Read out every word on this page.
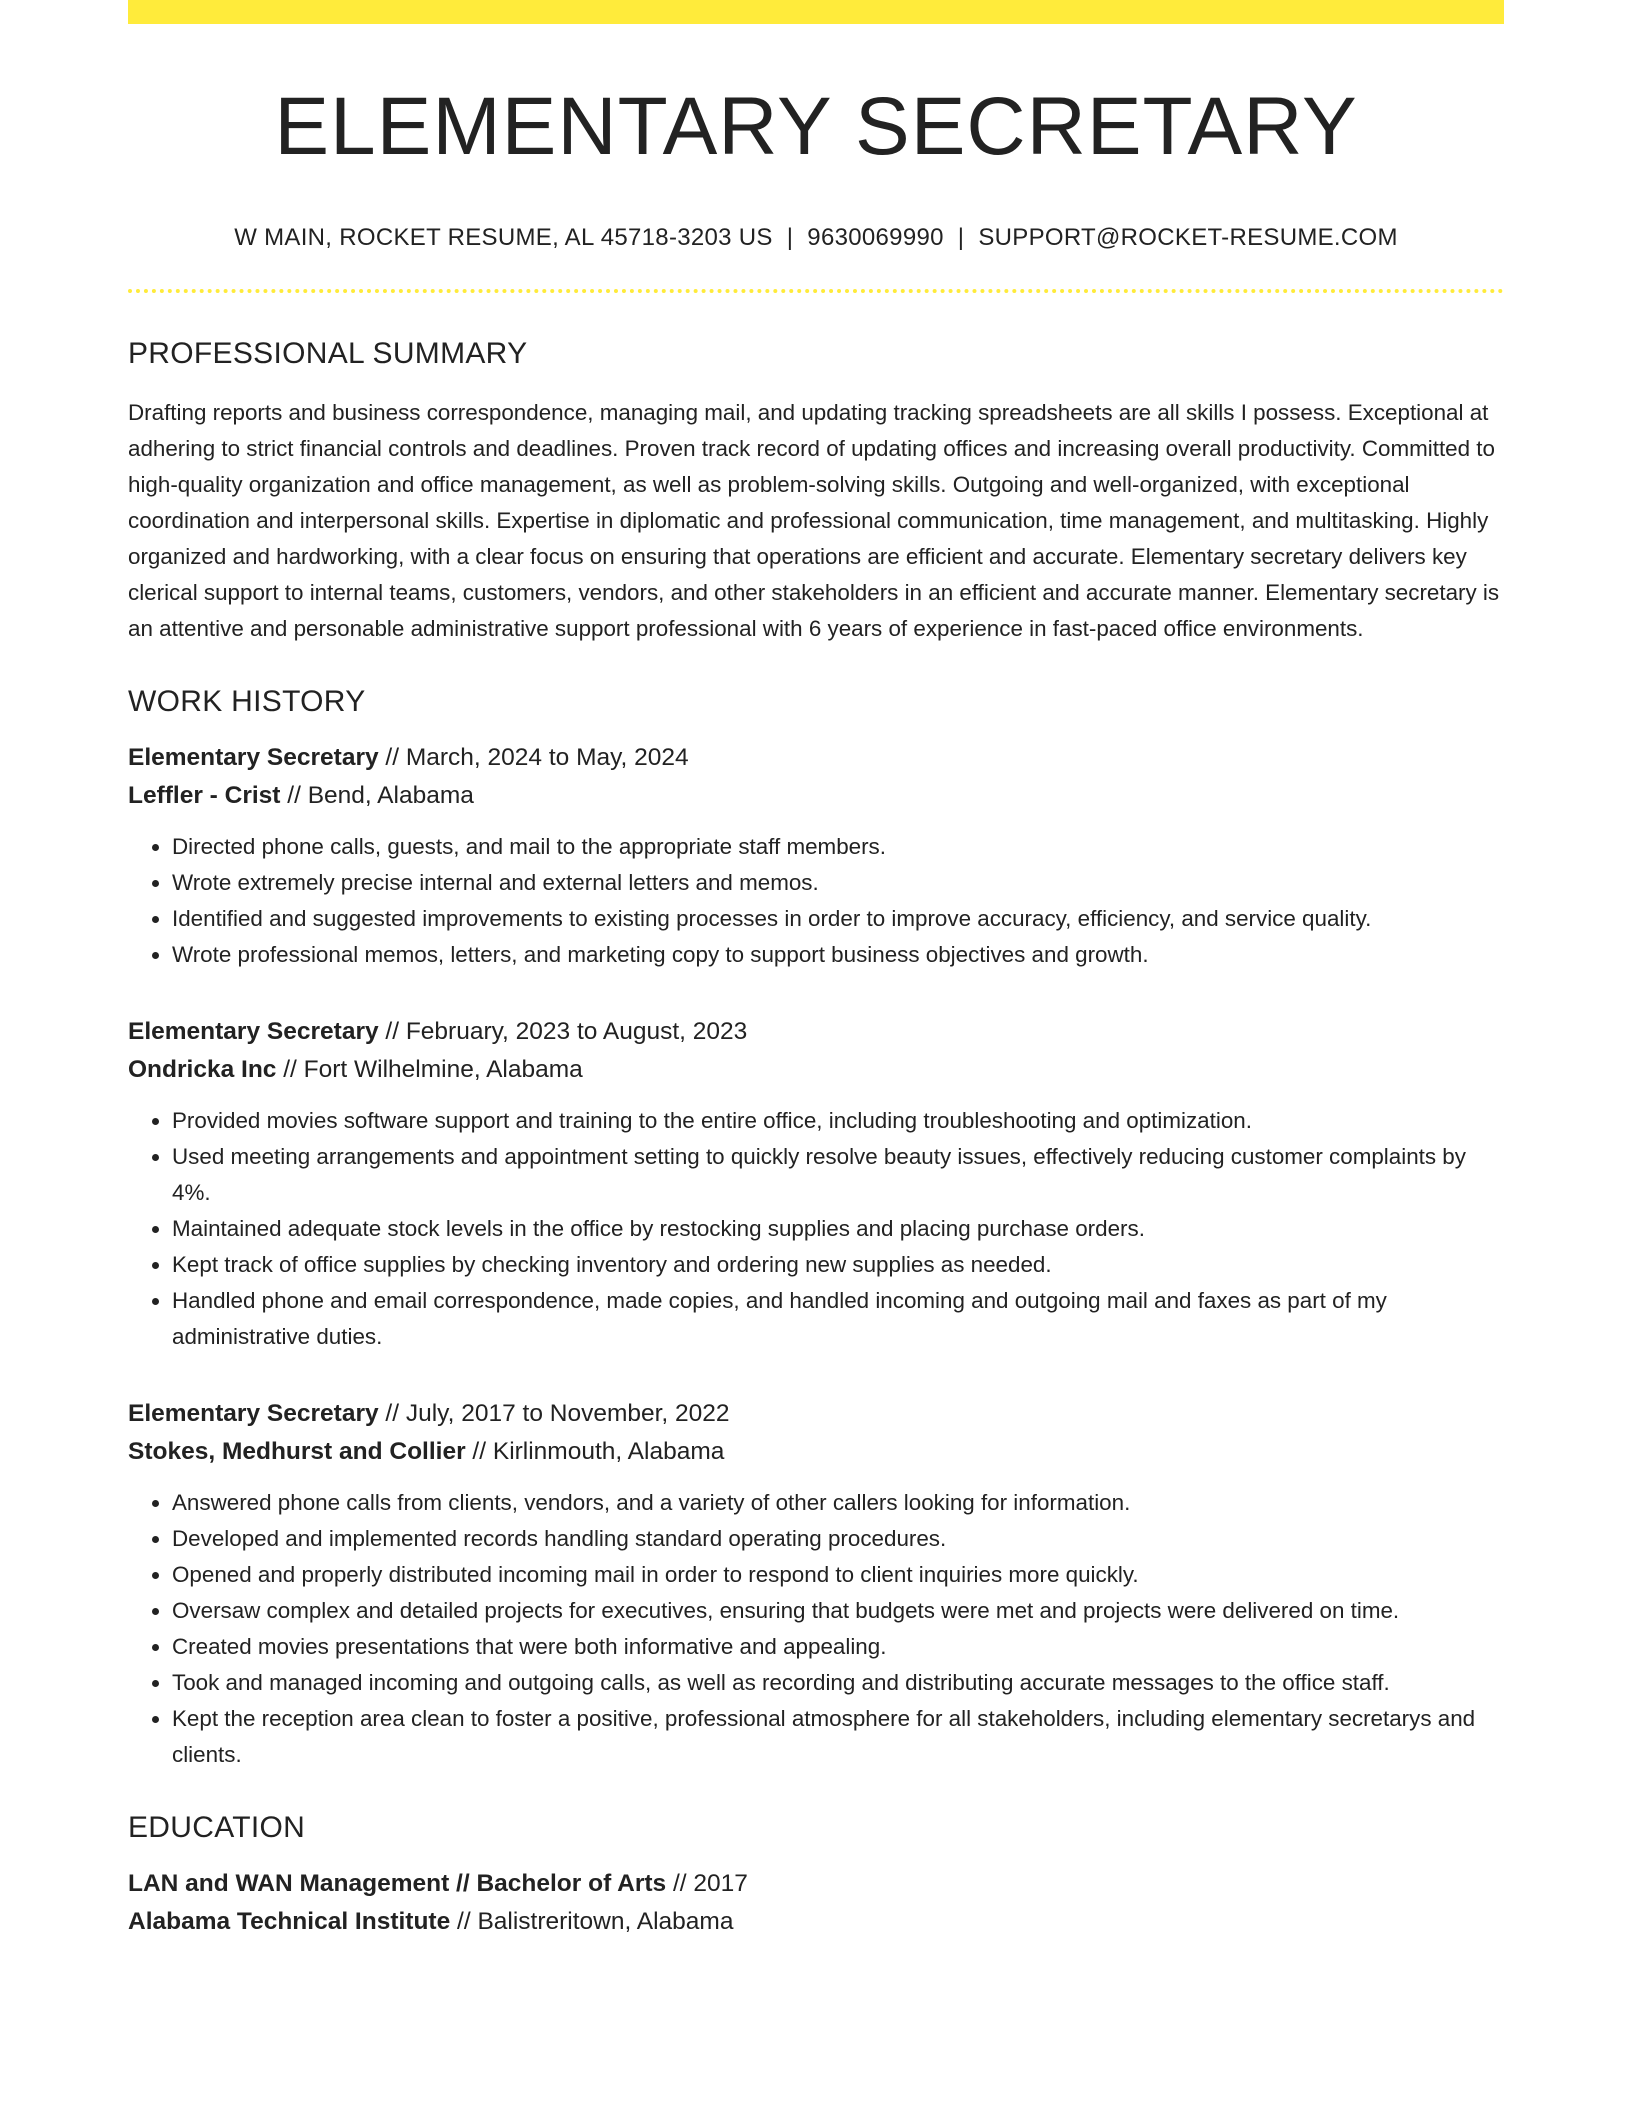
ELEMENTARY SECRETARY
W MAIN, ROCKET RESUME, AL 45718-3203 US | 9630069990 | SUPPORT@ROCKET-RESUME.COM
PROFESSIONAL SUMMARY
Drafting reports and business correspondence, managing mail, and updating tracking spreadsheets are all skills I possess. Exceptional at adhering to strict financial controls and deadlines. Proven track record of updating offices and increasing overall productivity. Committed to high-quality organization and office management, as well as problem-solving skills. Outgoing and well-organized, with exceptional coordination and interpersonal skills. Expertise in diplomatic and professional communication, time management, and multitasking. Highly organized and hardworking, with a clear focus on ensuring that operations are efficient and accurate. Elementary secretary delivers key clerical support to internal teams, customers, vendors, and other stakeholders in an efficient and accurate manner. Elementary secretary is an attentive and personable administrative support professional with 6 years of experience in fast-paced office environments.
WORK HISTORY
Elementary Secretary // March, 2024 to May, 2024
Leffler - Crist // Bend, Alabama
• Directed phone calls, guests, and mail to the appropriate staff members.
• Wrote extremely precise internal and external letters and memos.
• Identified and suggested improvements to existing processes in order to improve accuracy, efficiency, and service quality.
• Wrote professional memos, letters, and marketing copy to support business objectives and growth.
Elementary Secretary // February, 2023 to August, 2023
Ondricka Inc // Fort Wilhelmine, Alabama
• Provided movies software support and training to the entire office, including troubleshooting and optimization.
• Used meeting arrangements and appointment setting to quickly resolve beauty issues, effectively reducing customer complaints by 4%.
• Maintained adequate stock levels in the office by restocking supplies and placing purchase orders.
• Kept track of office supplies by checking inventory and ordering new supplies as needed.
• Handled phone and email correspondence, made copies, and handled incoming and outgoing mail and faxes as part of my administrative duties.
Elementary Secretary // July, 2017 to November, 2022
Stokes, Medhurst and Collier // Kirlinmouth, Alabama
• Answered phone calls from clients, vendors, and a variety of other callers looking for information.
• Developed and implemented records handling standard operating procedures.
• Opened and properly distributed incoming mail in order to respond to client inquiries more quickly.
• Oversaw complex and detailed projects for executives, ensuring that budgets were met and projects were delivered on time.
• Created movies presentations that were both informative and appealing.
• Took and managed incoming and outgoing calls, as well as recording and distributing accurate messages to the office staff.
• Kept the reception area clean to foster a positive, professional atmosphere for all stakeholders, including elementary secretarys and clients.
EDUCATION
LAN and WAN Management // Bachelor of Arts // 2017
Alabama Technical Institute // Balistreritown, Alabama
